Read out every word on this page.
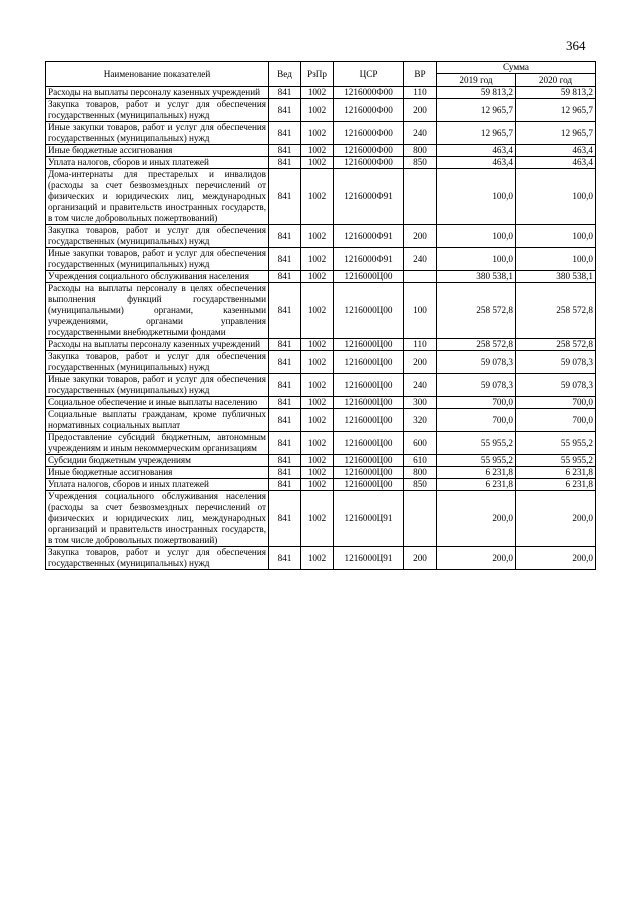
364
Наименование показателей	Вед	РзПр	ЦСР	ВР	Сумма	
					2019 год	2020 год
Расходы на выплаты персоналу казенных учреждений	841	1002	1216000Ф00	110	59 813,2	59 813,2
Закупка товаров, работ и услуг для обеспечения государственных (муниципальных) нужд	841	1002	1216000Ф00	200	12 965,7	12 965,7
Иные закупки товаров, работ и услуг для обеспечения государственных (муниципальных) нужд	841	1002	1216000Ф00	240	12 965,7	12 965,7
Иные бюджетные ассигнования	841	1002	1216000Ф00	800	463,4	463,4
Уплата налогов, сборов и иных платежей	841	1002	1216000Ф00	850	463,4	463,4
Дома-интернаты для престарелых и инвалидов (расходы за счет безвозмездных перечислений от физических и юридических лиц, международных организаций и правительств иностранных государств, в том числе добровольных пожертвований)	841	1002	1216000Ф91		100,0	100,0
Закупка товаров, работ и услуг для обеспечения государственных (муниципальных) нужд	841	1002	1216000Ф91	200	100,0	100,0
Иные закупки товаров, работ и услуг для обеспечения государственных (муниципальных) нужд	841	1002	1216000Ф91	240	100,0	100,0
Учреждения социального обслуживания населения	841	1002	1216000Ц00		380 538,1	380 538,1
Расходы на выплаты персоналу в целях обеспечения выполнения функций государственными (муниципальными) органами, казенными учреждениями, органами управления государственными внебюджетными фондами	841	1002	1216000Ц00	100	258 572,8	258 572,8
Расходы на выплаты персоналу казенных учреждений	841	1002	1216000Ц00	110	258 572,8	258 572,8
Закупка товаров, работ и услуг для обеспечения государственных (муниципальных) нужд	841	1002	1216000Ц00	200	59 078,3	59 078,3
Иные закупки товаров, работ и услуг для обеспечения государственных (муниципальных) нужд	841	1002	1216000Ц00	240	59 078,3	59 078,3
Социальное обеспечение и иные выплаты населению	841	1002	1216000Ц00	300	700,0	700,0
Социальные выплаты гражданам, кроме публичных нормативных социальных выплат	841	1002	1216000Ц00	320	700,0	700,0
Предоставление субсидий бюджетным, автономным учреждениям и иным некоммерческим организациям	841	1002	1216000Ц00	600	55 955,2	55 955,2
Субсидии бюджетным учреждениям	841	1002	1216000Ц00	610	55 955,2	55 955,2
Иные бюджетные ассигнования	841	1002	1216000Ц00	800	6 231,8	6 231,8
Уплата налогов, сборов и иных платежей	841	1002	1216000Ц00	850	6 231,8	6 231,8
Учреждения социального обслуживания населения (расходы за счет безвозмездных перечислений от физических и юридических лиц, международных организаций и правительств иностранных государств, в том числе добровольных пожертвований)	841	1002	1216000Ц91		200,0	200,0
Закупка товаров, работ и услуг для обеспечения государственных (муниципальных) нужд	841	1002	1216000Ц91	200	200,0	200,0
